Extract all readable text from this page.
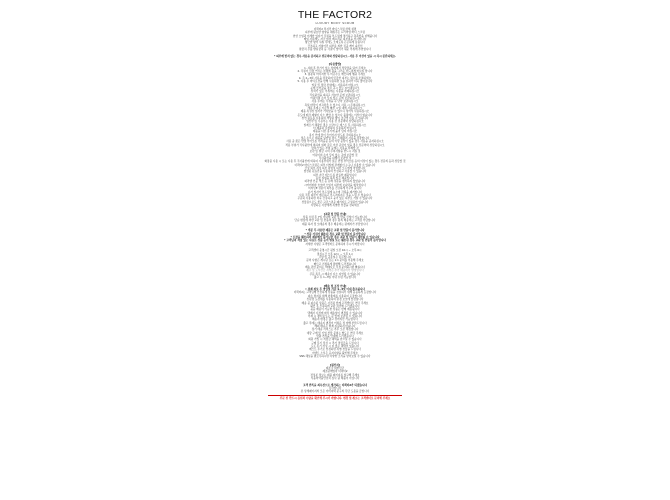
THE FACTOR2
LUXURY BODY SCRUB
더팩터2 럭셔리 바디스크럽 상세 설명
피부에 필요한 영양을 채워주는 프리미엄 바디 스크럽
천연 오일과 미세한 입자가 각질을 부드럽게 정리하고 촉촉함을 더해줍니다
매일 사용해도 자극 없이 매끄러운 피부결을 선사합니다
향긋한 향이 샤워 후에도 오래도록 은은하게 남습니다
건조하고 거칠어진 피부를 위한 집중 케어 솔루션
팔꿈치 무릎 발뒤꿈치 등 각질이 쌓이기 쉬운 부위에 추천합니다
* 피부에 맞지 않는 경우 사용을 중지하고 전문의와 상담하십시오. 사용 후 이상이 있을 시 즉시 중단하세요.
[사용방법]
1. 샤워 후 물기가 있는 상태에서 적당량을 덜어 주세요
2. 각질이 신경 쓰이는 부위에 원을 그리듯 부드럽게 마사지 합니다
3. 충분히 마사지한 후 미온수로 깨끗하게 헹궈 주세요
4. 주 2~3회 사용을 권장하며 민감한 피부는 횟수를 조절하세요
5. 사용 후 바디로션을 함께 사용하면 보습 효과가 더욱 좋아집니다
얼굴 및 점막 부위에는 사용하지 마십시오
눈에 들어갔을 경우 즉시 물로 씻어내십시오
상처가 있는 부위에는 사용을 자제하십시오
직사광선을 피하고 서늘한 곳에 보관하십시오
어린이의 손이 닿지 않는 곳에 보관하십시오
사용 후에는 뚜껑을 꼭 닫아 보관하십시오
욕실 바닥이 미끄러울 수 있으니 사용 시 주의하십시오
개봉 후에는 가급적 빠른 시일 내에 사용하십시오
제품 특성상 입자가 가라앉을 수 있으니 섞어서 사용하십시오
온도에 따라 제형이 다소 변할 수 있으나 품질에는 이상이 없습니다
천연 원료를 사용하여 색상과 향이 조금씩 다를 수 있습니다
임산부 및 수유부는 사용 전 전문의와 상담하십시오
알레르기 체질인 경우 소량으로 테스트 후 사용하십시오
타 제품과 혼합하여 사용하지 마십시오
제품을 다른 용기에 옮겨 담지 마십시오
용기 안에 물이 들어가지 않도록 주의하십시오
젖은 손으로 제품을 덜어낼 경우 스패출러 사용을 권장합니다
사용 중 붉은 반점 부어오름 가려움증 등의 이상 증상이 있을 경우 사용을 중지하십시오
적용 부위가 직사광선에 의하여 위와 같은 이상 증상이 있을 경우 전문의와 상담하십시오
상처가 있는 부위 등에는 사용을 자제할 것
보관 및 취급 시의 주의사항을 반드시 지킬 것
어린이의 손이 닿지 않는 곳에 보관할 것
직사광선을 피해서 보관할 것
화장품 사용 시 또는 사용 후 직사광선에 의하여 사용부위가 붉은 반점 부어오름 등의 이상이 있는 경우 전문의 등과 상담할 것
더팩터2 바디스크럽은 피부 타입에 관계없이 누구나 사용할 수 있습니다
건성 피부 지성 피부 복합성 피부 모두에게 적합합니다
엄선된 원료만을 사용하여 안심하고 사용할 수 있습니다
피부 자극 테스트를 완료한 제품입니다
동물 실험을 하지 않은 제품입니다
파라벤 인공 색소 등 유해 성분을 첨가하지 않았습니다
시어버터와 호호바 오일이 피부에 보습막을 형성합니다
비타민E 성분이 피부를 건강하게 가꾸어 줍니다
슈가 입자가 부드럽게 녹으며 각질을 제거합니다
사용 직후 피부가 매끈하고 부드러워지는 것을 느낄 수 있습니다
꾸준히 사용하면 더욱 건강하고 윤기 있는 피부로 가꿀 수 있습니다
선물용으로도 좋은 고급스러운 패키지로 구성되어 있습니다
사랑하는 사람에게 특별한 선물을 전하세요
[교환 및 반품 안내]
상품 수령 후 7일 이내에 교환 및 반품 신청이 가능합니다
단순 변심에 의한 교환 및 반품의 경우 왕복 배송비는 고객님 부담입니다
제품 하자 및 오배송의 경우 배송비는 판매자가 부담합니다
* 개봉 후 사용한 제품은 교환 및 반품이 불가합니다
* 상품 가치가 훼손된 경우 교환 및 반품이 불가합니다
* 포장을 훼손하여 재판매가 불가능한 경우 교환 및 반품이 제한될 수 있습니다
* 고객님의 책임 있는 사유로 상품 등이 멸실 또는 훼손된 경우 교환 및 반품이 불가합니다
자세한 사항은 고객센터로 문의하여 주시기 바랍니다
고객센터 운영시간 평일 오전 10시 ~ 오후 6시
점심시간 오후 12시 ~ 오후 1시
주말 및 공휴일은 휴무입니다
문의 사항은 게시판 또는 1:1 문의를 이용해 주세요
빠르고 친절하게 답변해 드리겠습니다
배송 관련 문의는 택배사로 직접 문의하시면 빠릅니다
제주 및 도서산간 지역은 추가 배송비가 발생합니다
주문 폭주 시 배송이 다소 지연될 수 있습니다
출고 후 1~3일 이내 수령 가능합니다
[배송 및 포장 안내]
• 결제 완료 후 영업일 기준 1~3일 이내 출고됩니다
더팩터2는 고객님께 안전하게 상품을 전달하기 위해 꼼꼼하게 포장합니다
파손 방지를 위해 완충재를 사용하여 포장합니다
친환경 포장재를 사용하여 환경 보호에 앞장섭니다
배송 중 파손된 상품은 사진과 함께 고객센터로 연락 주세요
확인 후 신속하게 교환 처리해 드리겠습니다
묶음 배송이 가능한 상품은 함께 배송됩니다
택배사 사정에 따라 배송일이 변경될 수 있습니다
부재 시 경비실 또는 문 앞에 보관될 수 있습니다
배송지 변경은 출고 전까지만 가능합니다
출고 후에는 배송지 변경이 어려운 점 양해 부탁드립니다
해외 배송은 현재 지원하지 않습니다
정기 배송 서비스는 추후 오픈 예정입니다
대량 구매 및 기업 선물 문의는 별도로 연락 주세요
맞춤 견적을 안내해 드리겠습니다
회원 가입 시 적립금 혜택을 받으실 수 있습니다
구매 후기 작성 시 추가 적립금을 드립니다
포토 후기 작성 시 더 많은 혜택이 있습니다
베스트 후기로 선정되면 특별 선물을 드립니다
이벤트 소식은 공지사항을 확인해 주세요
SNS 채널을 팔로우하시면 다양한 소식을 받아보실 수 있습니다
[원산지]
제조국 대한민국
제조판매업자 더팩터2
전성분 정보는 제품 패키지를 참고해 주세요
식품의약품안전처 심사 필 제품이 아닙니다
고객 만족을 최우선으로 생각하는 더팩터2가 되겠습니다
감사합니다
본 상세페이지의 모든 이미지와 문구의 무단 도용을 금합니다
주문 전 반드시 옵션과 수량을 확인해 주시기 바랍니다. 변경 및 취소는 고객센터로 문의해 주세요
